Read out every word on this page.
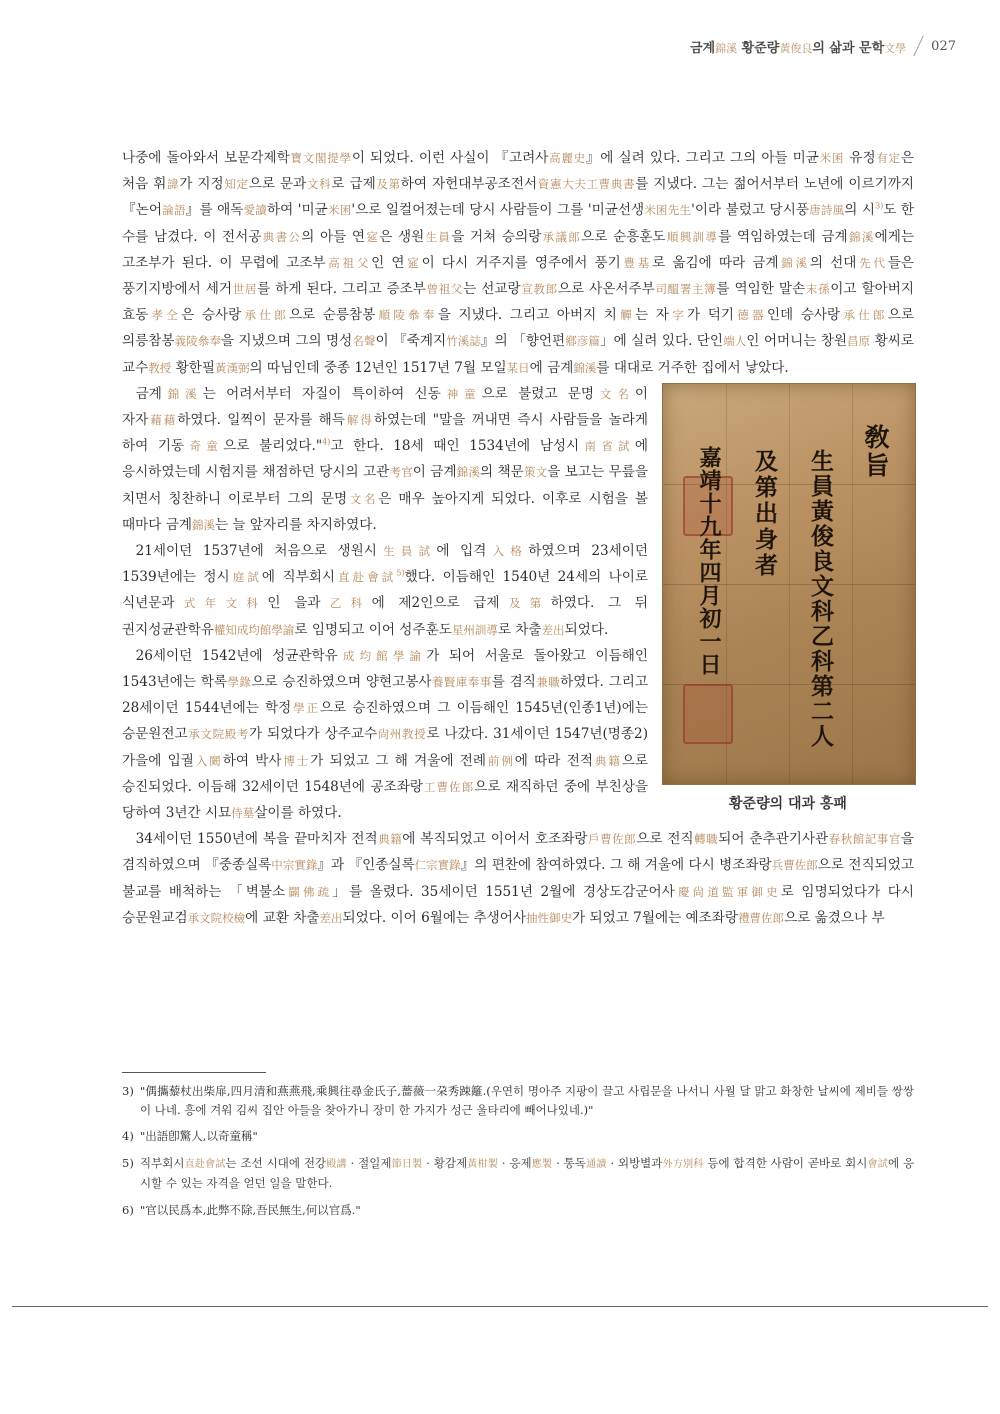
금계錦溪 황준량黃俊良의 삶과 문학文學 027

나중에 돌아와서 보문각제학寶文閣提學이 되었다. 이런 사실이 『고려사高麗史』에 실려 있다. 그리고 그의 아들 미균米囷 유정有定은 처음 휘諱가 지정知定으로 문과文科로 급제及第하여 자헌대부공조전서資憲大夫工曹典書를 지냈다. 그는 젊어서부터 노년에 이르기까지 『논어論語』를 애독愛讀하여 '미균米囷'으로 일컬어졌는데 당시 사람들이 그를 '미균선생米囷先生'이라 불렀고 당시풍唐詩風의 시$^{3)}$도 한 수를 남겼다. 이 전서공典書公의 아들 연㝚은 생원生員을 거쳐 승의랑承議郎으로 순흥훈도順興訓導를 역임하였는데 금계錦溪에게는 고조부가 된다. 이 무렵에 고조부高祖父인 연㝚이 다시 거주지를 영주에서 풍기豊基로 옮김에 따라 금계錦溪의 선대先代들은 풍기지방에서 세거世居를 하게 된다. 그리고 증조부曾祖父는 선교랑宣教郎으로 사온서주부司醞署主簿를 역임한 말손末孫이고 할아버지 효동孝仝은 승사랑承仕郎으로 순릉참봉順陵叅奉을 지냈다. 그리고 아버지 치觶는 자字가 덕기德器인데 승사랑承仕郎으로 의릉참봉義陵叅奉을 지냈으며 그의 명성名聲이 『죽계지竹溪誌』의 「향언편鄕彦篇」에 실려 있다. 단인端人인 어머니는 창원昌原 황씨로 교수教授 황한필黃漢弼의 따님인데 중종 12년인 1517년 7월 모일某日에 금계錦溪를 대대로 거주한 집에서 낳았다.

敎旨
生員黃俊良文科乙科第二人
及第出身者
嘉靖十九年四月初一日
황준량의 대과 홍패

금계錦溪는 어려서부터 자질이 특이하여 신동神童으로 불렸고 문명文名이 자자藉藉하였다. 일찍이 문자를 해득解得하였는데 "말을 꺼내면 즉시 사람들을 놀라게 하여 기동奇童으로 불리었다."$^{4)}$고 한다. 18세 때인 1534년에 남성시南省試에 응시하였는데 시험지를 채점하던 당시의 고관考官이 금계錦溪의 책문策文을 보고는 무릎을 치면서 칭찬하니 이로부터 그의 문명文名은 매우 높아지게 되었다. 이후로 시험을 볼 때마다 금계錦溪는 늘 앞자리를 차지하였다.

21세이던 1537년에 처음으로 생원시生員試에 입격入格하였으며 23세이던 1539년에는 정시庭試에 직부회시直赴會試$^{5)}$했다. 이듬해인 1540년 24세의 나이로 식년문과式年文科인 을과乙科에 제2인으로 급제及第하였다. 그 뒤 권지성균관학유權知成均館學諭로 임명되고 이어 성주훈도星州訓導로 차출差出되었다.

26세이던 1542년에 성균관학유成均館學諭가 되어 서울로 돌아왔고 이듬해인 1543년에는 학록學錄으로 승진하였으며 양현고봉사養賢庫奉事를 겸직兼職하였다. 그리고 28세이던 1544년에는 학정學正으로 승진하였으며 그 이듬해인 1545년(인종1년)에는 승문원전고承文院殿考가 되었다가 상주교수尙州教授로 나갔다. 31세이던 1547년(명종2) 가을에 입궐入闕하여 박사博士가 되었고 그 해 겨울에 전례前例에 따라 전적典籍으로 승진되었다. 이듬해 32세이던 1548년에 공조좌랑工曹佐郎으로 재직하던 중에 부친상을 당하여 3년간 시묘侍墓살이를 하였다.

34세이던 1550년에 복을 끝마치자 전적典籍에 복직되었고 이어서 호조좌랑戶曹佐郎으로 전직轉職되어 춘추관기사관春秋館記事官을 겸직하였으며 『중종실록中宗實錄』과 『인종실록仁宗實錄』의 편찬에 참여하였다. 그 해 겨울에 다시 병조좌랑兵曹佐郎으로 전직되었고 불교를 배척하는 「벽불소闢佛疏」를 올렸다. 35세이던 1551년 2월에 경상도감군어사慶尙道監軍御史로 임명되었다가 다시 승문원교검承文院校檢에 교환 차출差出되었다. 이어 6월에는 추생어사抽性御史가 되었고 7월에는 예조좌랑禮曹佐郎으로 옮겼으나 부

3) "偶攜藜杖出柴扉,四月清和燕燕飛,乘興往尋金氏子,薔薇一朶秀踈籬.(우연히 명아주 지팡이 끌고 사립문을 나서니 사월 달 맑고 화창한 날씨에 제비들 쌍쌍이 나네. 흥에 겨워 김씨 집안 아들을 찾아가니 장미 한 가지가 성근 울타리에 빼어나있네.)"
4) "出語卽驚人,以奇童稱"
5) 직부회시直赴會試는 조선 시대에 전강殿講 · 절일제節日製 · 황감제黃柑製 · 응제應製 · 통독通讀 · 외방별과外方別科 등에 합격한 사람이 곧바로 회시會試에 응시할 수 있는 자격을 얻던 일을 말한다.
6) "官以民爲本,此弊不除,吾民無生,何以官爲."
